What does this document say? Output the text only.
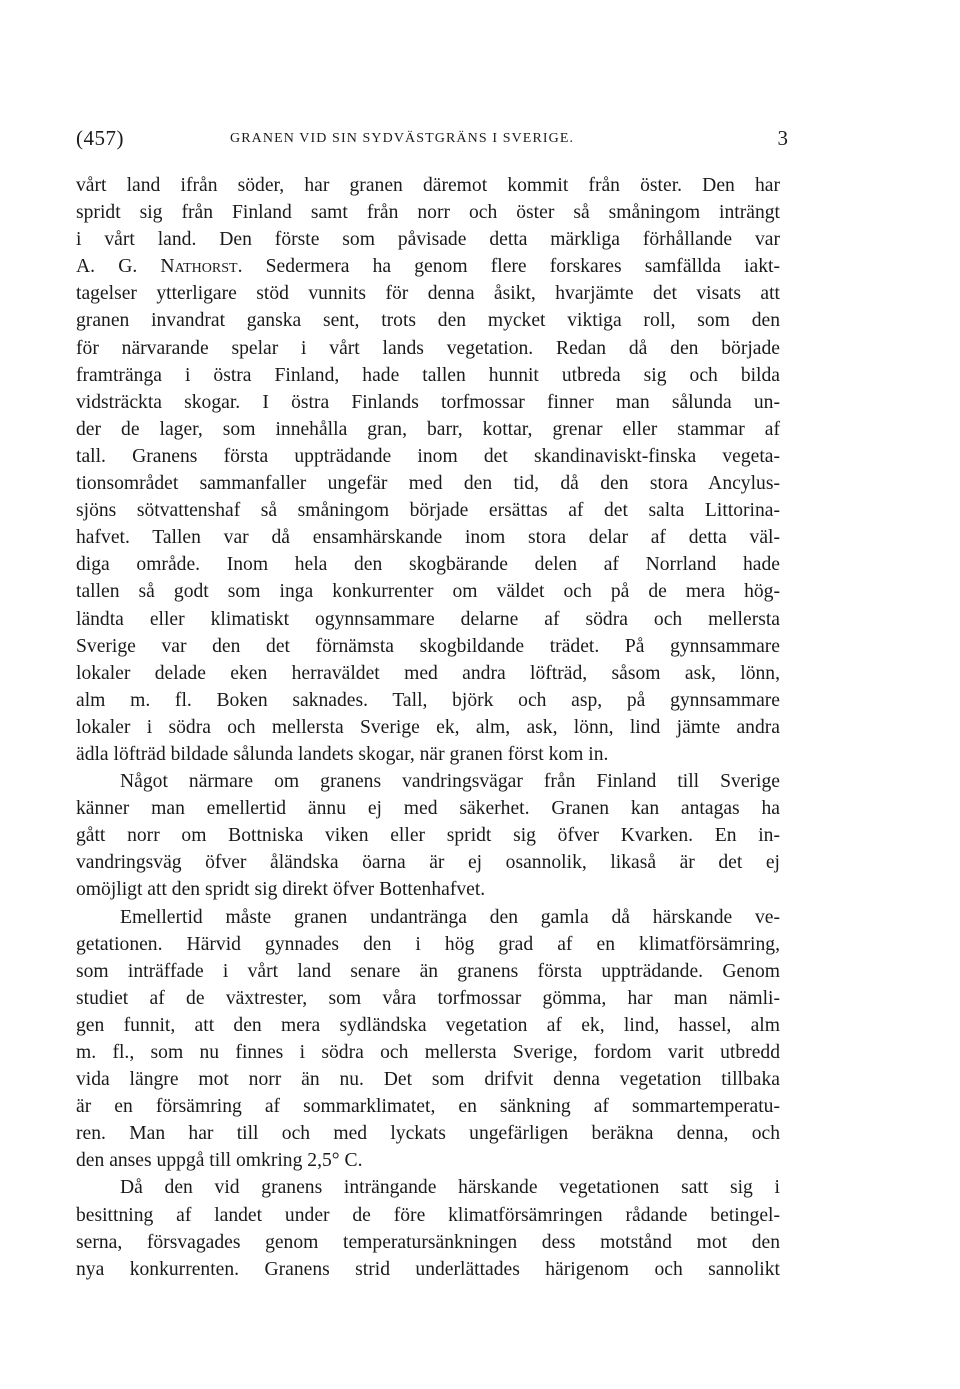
(457)	GRANEN VID SIN SYDVÄSTGRÄNS I SVERIGE.	3
vårt land ifrån söder, har granen däremot kommit från öster. Den har
spridt sig från Finland samt från norr och öster så småningom inträngt
i vårt land. Den förste som påvisade detta märkliga förhållande var
A. G. Nathorst. Sedermera ha genom flere forskares samfällda iakt-
tagelser ytterligare stöd vunnits för denna åsikt, hvarjämte det visats att
granen invandrat ganska sent, trots den mycket viktiga roll, som den
för närvarande spelar i vårt lands vegetation. Redan då den började
framtränga i östra Finland, hade tallen hunnit utbreda sig och bilda
vidsträckta skogar. I östra Finlands torfmossar finner man sålunda un-
der de lager, som innehålla gran, barr, kottar, grenar eller stammar af
tall. Granens första uppträdande inom det skandinaviskt-finska vegeta-
tionsområdet sammanfaller ungefär med den tid, då den stora Ancylus-
sjöns sötvattenshaf så småningom började ersättas af det salta Littorina-
hafvet. Tallen var då ensamhärskande inom stora delar af detta väl-
diga område. Inom hela den skogbärande delen af Norrland hade
tallen så godt som inga konkurrenter om väldet och på de mera hög-
ländta eller klimatiskt ogynnsammare delarne af södra och mellersta
Sverige var den det förnämsta skogbildande trädet. På gynnsammare
lokaler delade eken herraväldet med andra löfträd, såsom ask, lönn,
alm m. fl. Boken saknades. Tall, björk och asp, på gynnsammare
lokaler i södra och mellersta Sverige ek, alm, ask, lönn, lind jämte andra
ädla löfträd bildade sålunda landets skogar, när granen först kom in.
Något närmare om granens vandringsvägar från Finland till Sverige
känner man emellertid ännu ej med säkerhet. Granen kan antagas ha
gått norr om Bottniska viken eller spridt sig öfver Kvarken. En in-
vandringsväg öfver åländska öarna är ej osannolik, likaså är det ej
omöjligt att den spridt sig direkt öfver Bottenhafvet.
Emellertid måste granen undantränga den gamla då härskande ve-
getationen. Härvid gynnades den i hög grad af en klimatförsämring,
som inträffade i vårt land senare än granens första uppträdande. Genom
studiet af de växtrester, som våra torfmossar gömma, har man nämli-
gen funnit, att den mera sydländska vegetation af ek, lind, hassel, alm
m. fl., som nu finnes i södra och mellersta Sverige, fordom varit utbredd
vida längre mot norr än nu. Det som drifvit denna vegetation tillbaka
är en försämring af sommarklimatet, en sänkning af sommartemperatu-
ren. Man har till och med lyckats ungefärligen beräkna denna, och
den anses uppgå till omkring 2,5° C.
Då den vid granens inträngande härskande vegetationen satt sig i
besittning af landet under de före klimatförsämringen rådande betingel-
serna, försvagades genom temperatursänkningen dess motstånd mot den
nya konkurrenten. Granens strid underlättades härigenom och sannolikt
